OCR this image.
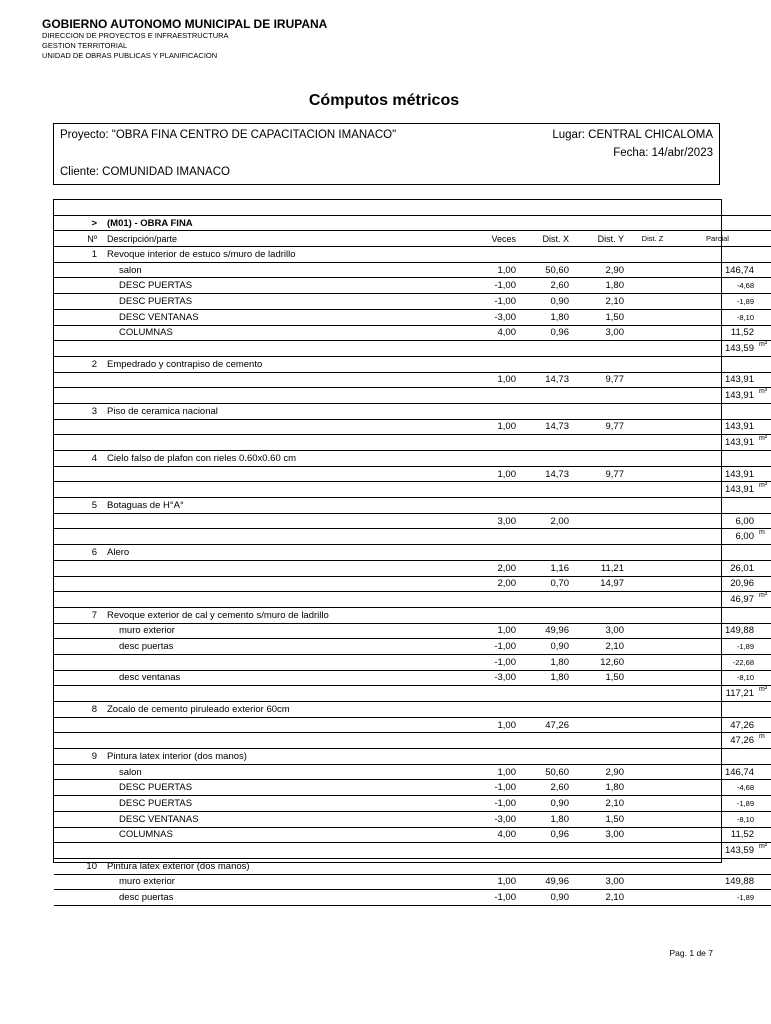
GOBIERNO AUTONOMO MUNICIPAL DE IRUPANA
DIRECCION DE PROYECTOS E INFRAESTRUCTURA
GESTION TERRITORIAL
UNIDAD DE OBRAS PUBLICAS Y PLANIFICACION
Cómputos métricos
Proyecto: "OBRA FINA CENTRO DE CAPACITACION IMANACO"	Lugar: CENTRAL CHICALOMA
Fecha: 14/abr/2023
Cliente: COMUNIDAD IMANACO

>	(M01) - OBRA FINA						
Nº	Descripción/parte	Veces	Dist. X	Dist. Y	Dist. Z	Parcial	
1	Revoque interior de estuco s/muro de ladrillo						
	salon	1,00	50,60	2,90		146,74	
	DESC PUERTAS	-1,00	2,60	1,80		-4,68	
	DESC PUERTAS	-1,00	0,90	2,10		-1,89	
	DESC VENTANAS	-3,00	1,80	1,50		-8,10	
	COLUMNAS	4,00	0,96	3,00		11,52	
						143,59	m²
2	Empedrado y contrapiso de cemento						
		1,00	14,73	9,77		143,91	
						143,91	m²
3	Piso de ceramica nacional						
		1,00	14,73	9,77		143,91	
						143,91	m²
4	Cielo falso de plafon con rieles 0.60x0.60 cm						
		1,00	14,73	9,77		143,91	
						143,91	m²
5	Botaguas de H°A°						
		3,00	2,00			6,00	
						6,00	m
6	Alero						
		2,00	1,16	11,21		26,01	
		2,00	0,70	14,97		20,96	
						46,97	m²
7	Revoque exterior de cal y cemento s/muro de ladrillo						
	muro exterior	1,00	49,96	3,00		149,88	
	desc puertas	-1,00	0,90	2,10		-1,89	
		-1,00	1,80	12,60		-22,68	
	desc ventanas	-3,00	1,80	1,50		-8,10	
						117,21	m²
8	Zocalo de cemento piruleado exterior 60cm						
		1,00	47,26			47,26	
						47,26	m
9	Pintura latex interior (dos manos)						
	salon	1,00	50,60	2,90		146,74	
	DESC PUERTAS	-1,00	2,60	1,80		-4,68	
	DESC PUERTAS	-1,00	0,90	2,10		-1,89	
	DESC VENTANAS	-3,00	1,80	1,50		-8,10	
	COLUMNAS	4,00	0,96	3,00		11,52	
						143,59	m²
10	Pintura latex exterior (dos manos)						
	muro exterior	1,00	49,96	3,00		149,88	
	desc puertas	-1,00	0,90	2,10		-1,89	
Pag. 1 de 7
